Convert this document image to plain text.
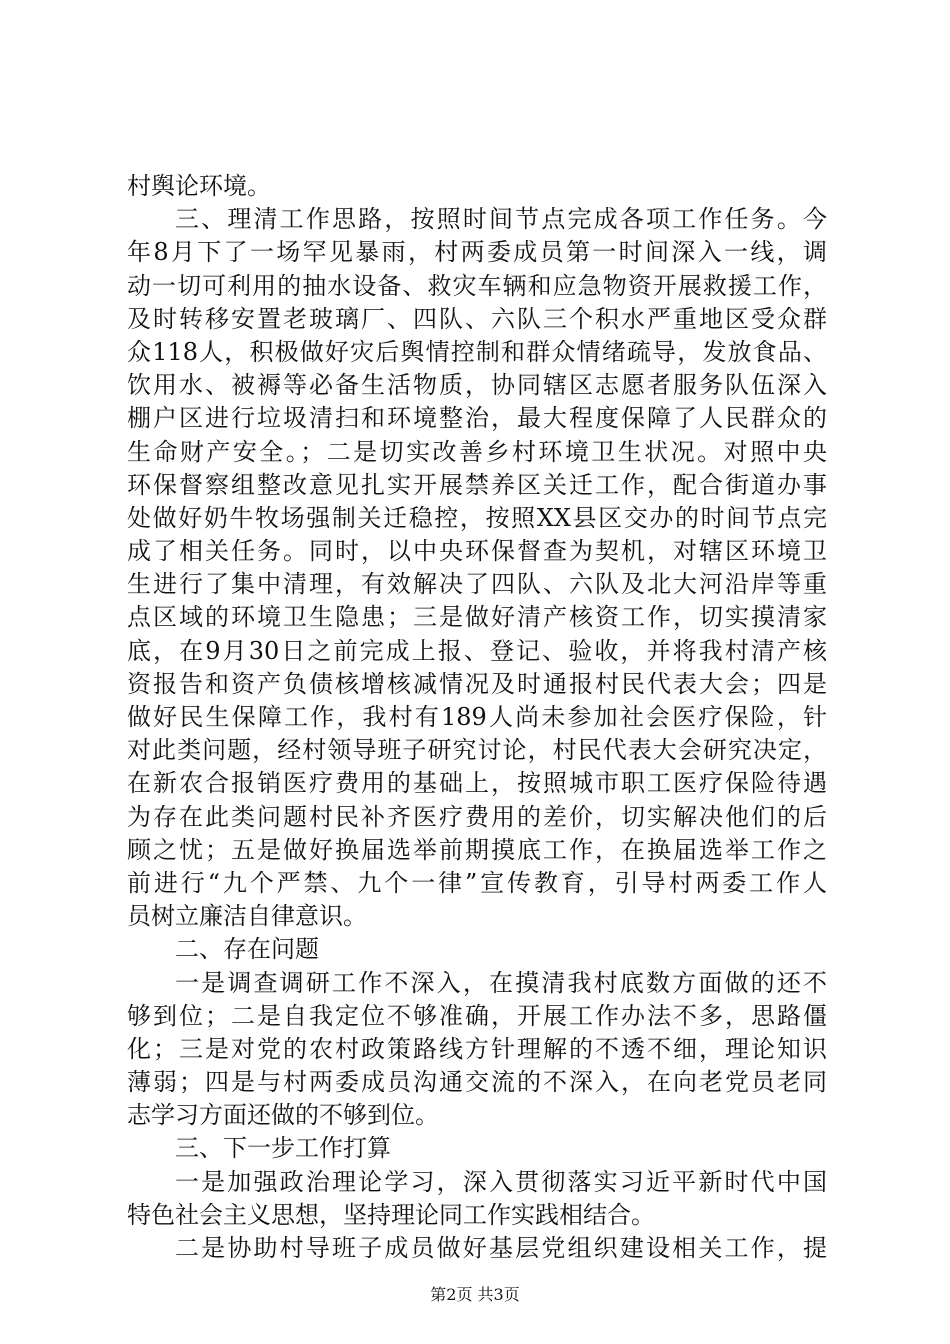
村舆论环境。
三、理清工作思路，按照时间节点完成各项工作任务。今
年8月下了一场罕见暴雨，村两委成员第一时间深入一线，调
动一切可利用的抽水设备、救灾车辆和应急物资开展救援工作，
及时转移安置老玻璃厂、四队、六队三个积水严重地区受众群
众118人，积极做好灾后舆情控制和群众情绪疏导，发放食品、
饮用水、被褥等必备生活物质，协同辖区志愿者服务队伍深入
棚户区进行垃圾清扫和环境整治，最大程度保障了人民群众的
生命财产安全。；二是切实改善乡村环境卫生状况。对照中央
环保督察组整改意见扎实开展禁养区关迁工作，配合街道办事
处做好奶牛牧场强制关迁稳控，按照XX县区交办的时间节点完
成了相关任务。同时，以中央环保督查为契机，对辖区环境卫
生进行了集中清理，有效解决了四队、六队及北大河沿岸等重
点区域的环境卫生隐患；三是做好清产核资工作，切实摸清家
底，在9月30日之前完成上报、登记、验收，并将我村清产核
资报告和资产负债核增核减情况及时通报村民代表大会；四是
做好民生保障工作，我村有189人尚未参加社会医疗保险，针
对此类问题，经村领导班子研究讨论，村民代表大会研究决定，
在新农合报销医疗费用的基础上，按照城市职工医疗保险待遇
为存在此类问题村民补齐医疗费用的差价，切实解决他们的后
顾之忧；五是做好换届选举前期摸底工作，在换届选举工作之
前进行“九个严禁、九个一律”宣传教育，引导村两委工作人
员树立廉洁自律意识。
二、存在问题
一是调查调研工作不深入，在摸清我村底数方面做的还不
够到位；二是自我定位不够准确，开展工作办法不多，思路僵
化；三是对党的农村政策路线方针理解的不透不细，理论知识
薄弱；四是与村两委成员沟通交流的不深入，在向老党员老同
志学习方面还做的不够到位。
三、下一步工作打算
一是加强政治理论学习，深入贯彻落实习近平新时代中国
特色社会主义思想，坚持理论同工作实践相结合。
二是协助村导班子成员做好基层党组织建设相关工作，提
第2页 共3页
